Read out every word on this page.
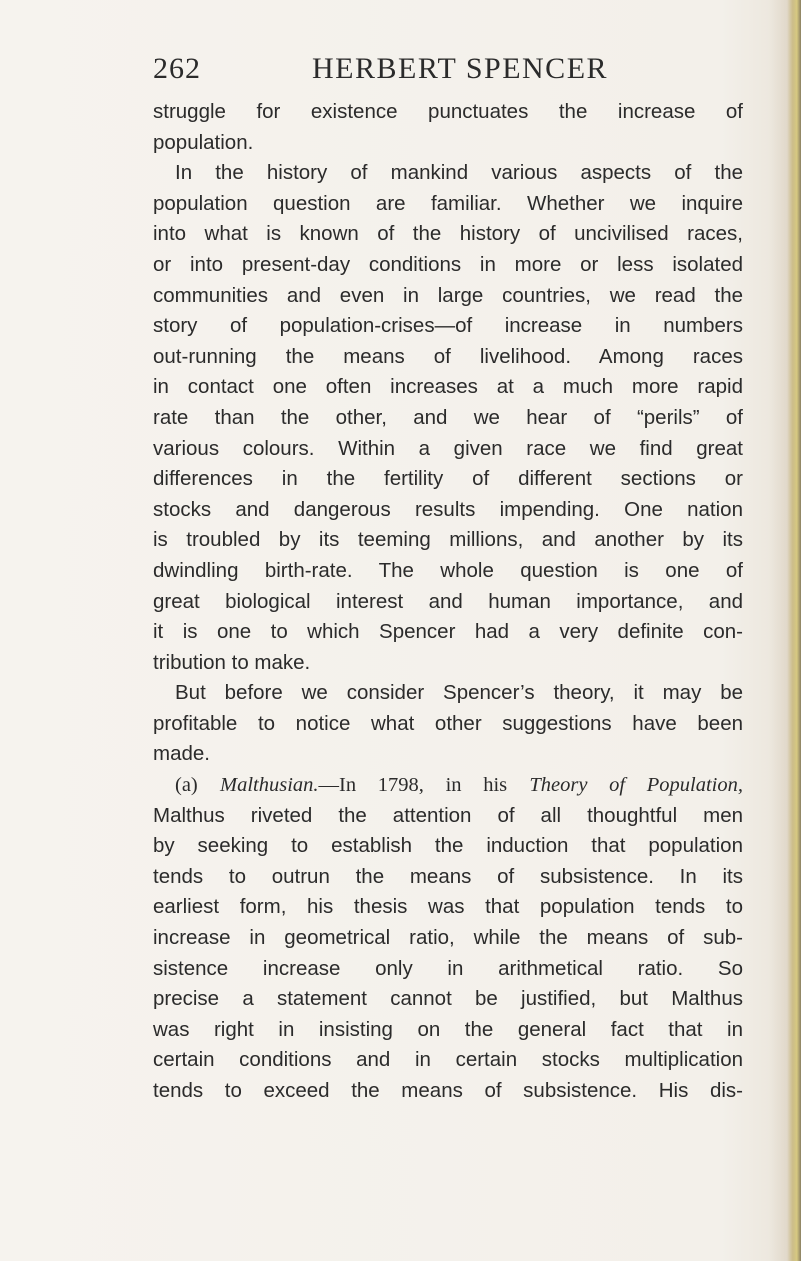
262	HERBERT SPENCER
struggle for existence punctuates the increase of
population.
In the history of mankind various aspects of the
population question are familiar. Whether we inquire
into what is known of the history of uncivilised races,
or into present-day conditions in more or less isolated
communities and even in large countries, we read the
story of population-crises—of increase in numbers
out-running the means of livelihood. Among races
in contact one often increases at a much more rapid
rate than the other, and we hear of “perils” of
various colours. Within a given race we find great
differences in the fertility of different sections or
stocks and dangerous results impending. One nation
is troubled by its teeming millions, and another by its
dwindling birth-rate. The whole question is one of
great biological interest and human importance, and
it is one to which Spencer had a very definite con-
tribution to make.
But before we consider Spencer’s theory, it may be
profitable to notice what other suggestions have been
made.
(a) Malthusian.—In 1798, in his Theory of Population,
Malthus riveted the attention of all thoughtful men
by seeking to establish the induction that population
tends to outrun the means of subsistence. In its
earliest form, his thesis was that population tends to
increase in geometrical ratio, while the means of sub-
sistence increase only in arithmetical ratio. So
precise a statement cannot be justified, but Malthus
was right in insisting on the general fact that in
certain conditions and in certain stocks multiplication
tends to exceed the means of subsistence. His dis-
